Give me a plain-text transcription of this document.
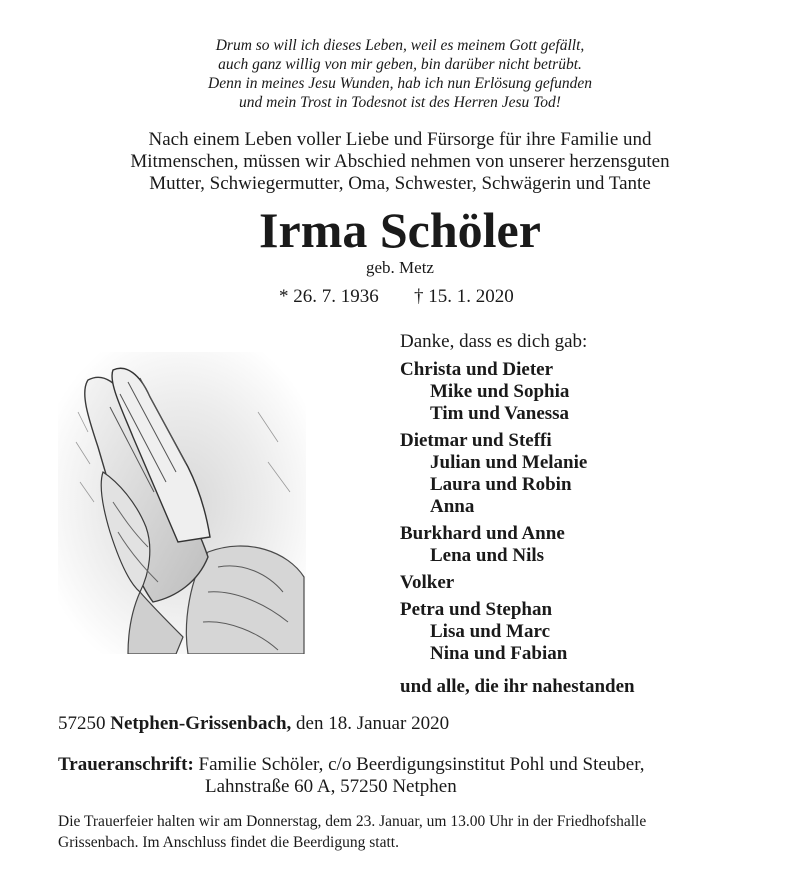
Drum so will ich dieses Leben, weil es meinem Gott gefällt,
auch ganz willig von mir geben, bin darüber nicht betrübt.
Denn in meines Jesu Wunden, hab ich nun Erlösung gefunden
und mein Trost in Todesnot ist des Herren Jesu Tod!
Nach einem Leben voller Liebe und Fürsorge für ihre Familie und
Mitmenschen, müssen wir Abschied nehmen von unserer herzensguten
Mutter, Schwiegermutter, Oma, Schwester, Schwägerin und Tante
Irma Schöler
geb. Metz
* 26. 7. 1936 † 15. 1. 2020
Danke, dass es dich gab:
Christa und Dieter
Mike und Sophia
Tim und Vanessa
Dietmar und Steffi
Julian und Melanie
Laura und Robin
Anna
Burkhard und Anne
Lena und Nils
Volker
Petra und Stephan
Lisa und Marc
Nina und Fabian
und alle, die ihr nahestanden
57250 Netphen-Grissenbach, den 18. Januar 2020
Traueranschrift: Familie Schöler, c/o Beerdigungsinstitut Pohl und Steuber,
Lahnstraße 60 A, 57250 Netphen
Die Trauerfeier halten wir am Donnerstag, dem 23. Januar, um 13.00 Uhr in der Friedhofshalle
Grissenbach. Im Anschluss findet die Beerdigung statt.
